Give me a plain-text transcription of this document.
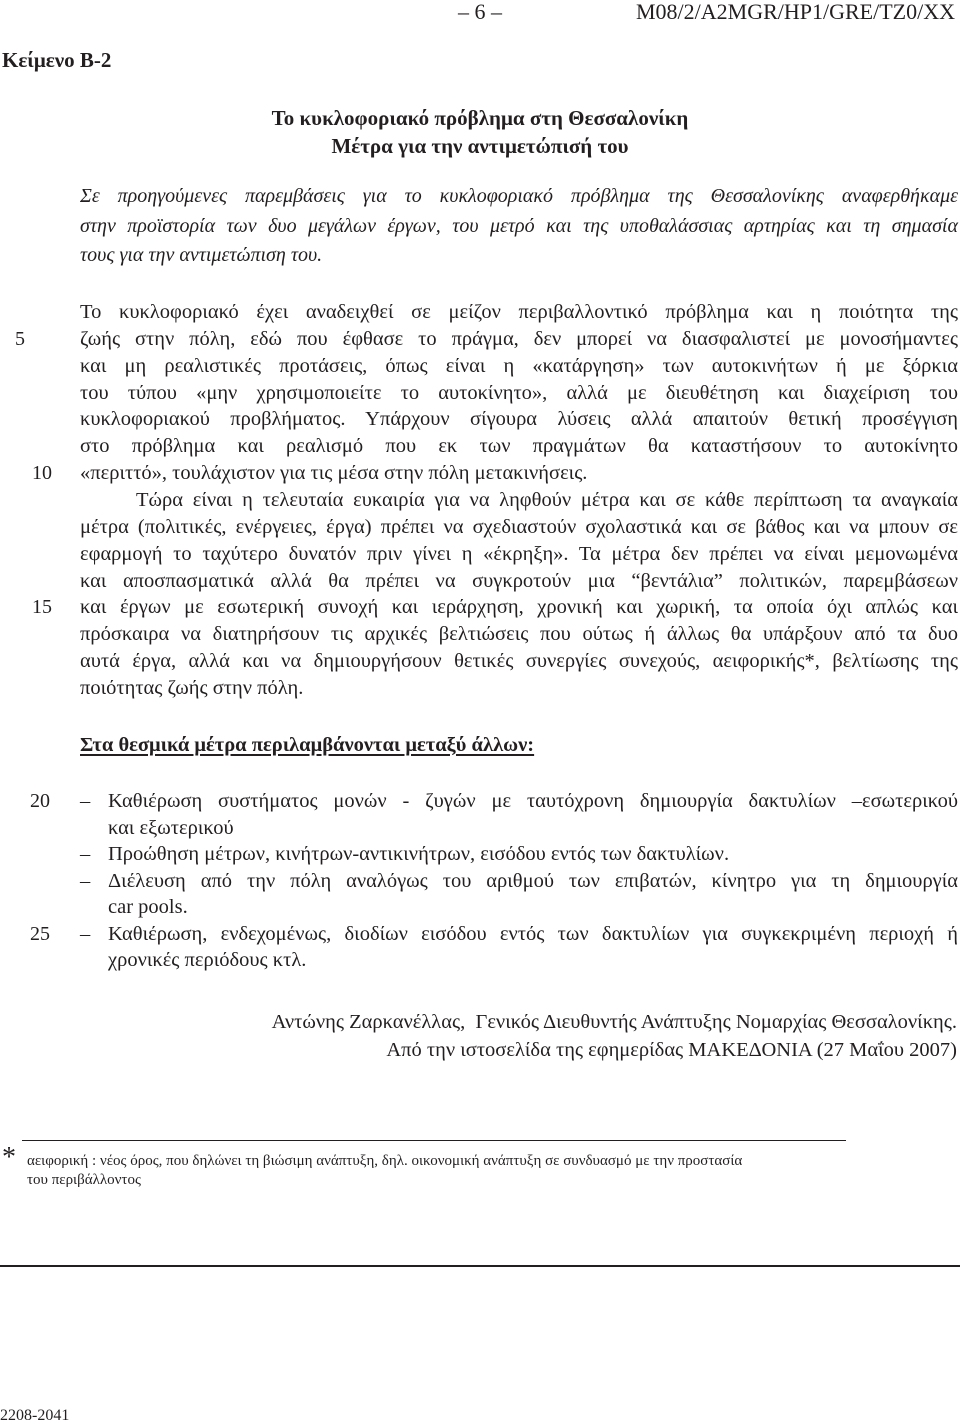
– 6 –	M08/2/A2MGR/HP1/GRE/TZ0/XX
Κείμενο B-2
Το κυκλοφοριακό πρόβλημα στη Θεσσαλονίκη
Μέτρα για την αντιμετώπισή του
Σε προηγούμενες παρεμβάσεις για το κυκλοφοριακό πρόβλημα της Θεσσαλονίκης αναφερθήκαμε
στην προϊστορία των δυο μεγάλων έργων, του μετρό και της υποθαλάσσιας αρτηρίας και τη σημασία
τους για την αντιμετώπιση του.
Το κυκλοφοριακό έχει αναδειχθεί σε μείζον περιβαλλοντικό πρόβλημα και η ποιότητα της
5	ζωής στην πόλη, εδώ που έφθασε το πράγμα, δεν μπορεί να διασφαλιστεί με μονοσήμαντες
και μη ρεαλιστικές προτάσεις, όπως είναι η «κατάργηση» των αυτοκινήτων ή με ξόρκια
του τύπου «μην χρησιμοποιείτε το αυτοκίνητο», αλλά με διευθέτηση και διαχείριση του
κυκλοφοριακού προβλήματος. Υπάρχουν σίγουρα λύσεις αλλά απαιτούν θετική προσέγγιση
στο πρόβλημα και ρεαλισμό που εκ των πραγμάτων θα καταστήσουν το αυτοκίνητο
10 «περιττό», τουλάχιστον για τις μέσα στην πόλη μετακινήσεις.
Τώρα είναι η τελευταία ευκαιρία για να ληφθούν μέτρα και σε κάθε περίπτωση τα αναγκαία
μέτρα (πολιτικές, ενέργειες, έργα) πρέπει να σχεδιαστούν σχολαστικά και σε βάθος και να μπουν σε
εφαρμογή το ταχύτερο δυνατόν πριν γίνει η «έκρηξη». Τα μέτρα δεν πρέπει να είναι μεμονωμένα
και αποσπασματικά αλλά θα πρέπει να συγκροτούν μια “βεντάλια” πολιτικών, παρεμβάσεων
15 και έργων με εσωτερική συνοχή και ιεράρχηση, χρονική και χωρική, τα οποία όχι απλώς και
πρόσκαιρα να διατηρήσουν τις αρχικές βελτιώσεις που ούτως ή άλλως θα υπάρξουν από τα δυο
αυτά έργα, αλλά και να δημιουργήσουν θετικές συνεργίες συνεχούς, αειφορικής*, βελτίωσης της
ποιότητας ζωής στην πόλη.
Στα θεσμικά μέτρα περιλαμβάνονται μεταξύ άλλων:
20 – Καθιέρωση συστήματος μονών - ζυγών με ταυτόχρονη δημιουργία δακτυλίων –εσωτερικού
και εξωτερικού
– Προώθηση μέτρων, κινήτρων-αντικινήτρων, εισόδου εντός των δακτυλίων.
– Διέλευση από την πόλη αναλόγως του αριθμού των επιβατών, κίνητρο για τη δημιουργία
car pools.
25 – Καθιέρωση, ενδεχομένως, διοδίων εισόδου εντός των δακτυλίων για συγκεκριμένη περιοχή ή
χρονικές περιόδους κτλ.
Αντώνης Ζαρκανέλλας,  Γενικός Διευθυντής Ανάπτυξης Νομαρχίας Θεσσαλονίκης.
Από την ιστοσελίδα της εφημερίδας ΜΑΚΕΔΟΝΙΑ (27 Μαΐου 2007)
* αειφορική : νέος όρος, που δηλώνει τη βιώσιμη ανάπτυξη, δηλ. οικονομική ανάπτυξη σε συνδυασμό με την προστασία
του περιβάλλοντος
2208-2041
